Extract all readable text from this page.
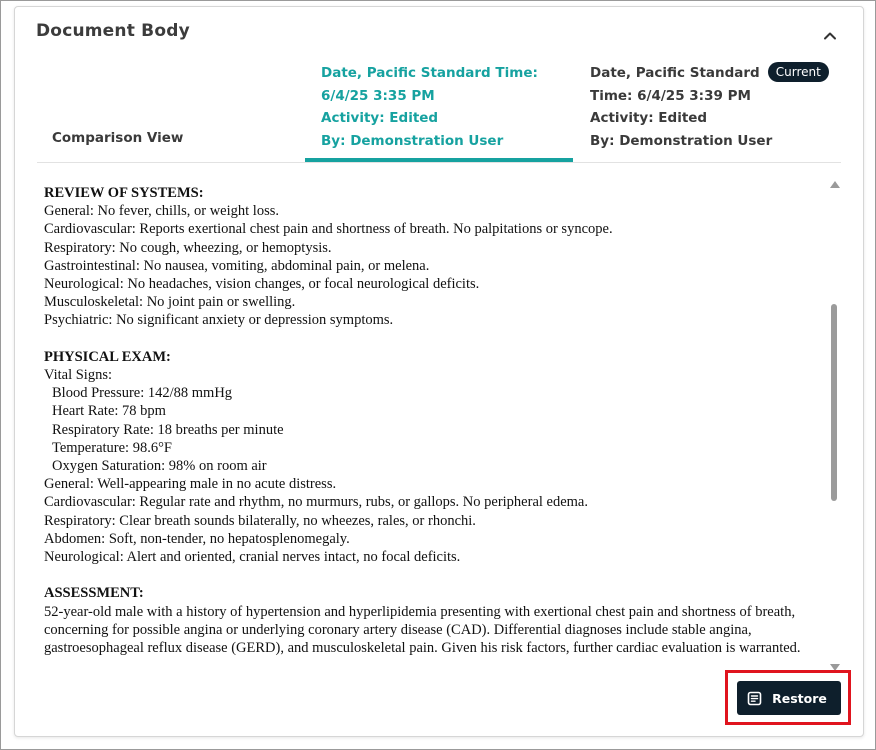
Document Body
Comparison View
Date, Pacific Standard Time:
6/4/25 3:35 PM
Activity: Edited
By: Demonstration User
Date, Pacific Standard Current
Time: 6/4/25 3:39 PM
Activity: Edited
By: Demonstration User
REVIEW OF SYSTEMS:
General: No fever, chills, or weight loss.
Cardiovascular: Reports exertional chest pain and shortness of breath. No palpitations or syncope.
Respiratory: No cough, wheezing, or hemoptysis.
Gastrointestinal: No nausea, vomiting, abdominal pain, or melena.
Neurological: No headaches, vision changes, or focal neurological deficits.
Musculoskeletal: No joint pain or swelling.
Psychiatric: No significant anxiety or depression symptoms.
PHYSICAL EXAM:
Vital Signs:
Blood Pressure: 142/88 mmHg
Heart Rate: 78 bpm
Respiratory Rate: 18 breaths per minute
Temperature: 98.6°F
Oxygen Saturation: 98% on room air
General: Well-appearing male in no acute distress.
Cardiovascular: Regular rate and rhythm, no murmurs, rubs, or gallops. No peripheral edema.
Respiratory: Clear breath sounds bilaterally, no wheezes, rales, or rhonchi.
Abdomen: Soft, non-tender, no hepatosplenomegaly.
Neurological: Alert and oriented, cranial nerves intact, no focal deficits.
ASSESSMENT:
52-year-old male with a history of hypertension and hyperlipidemia presenting with exertional chest pain and shortness of breath, concerning for possible angina or underlying coronary artery disease (CAD). Differential diagnoses include stable angina, gastroesophageal reflux disease (GERD), and musculoskeletal pain. Given his risk factors, further cardiac evaluation is warranted.
Restore
